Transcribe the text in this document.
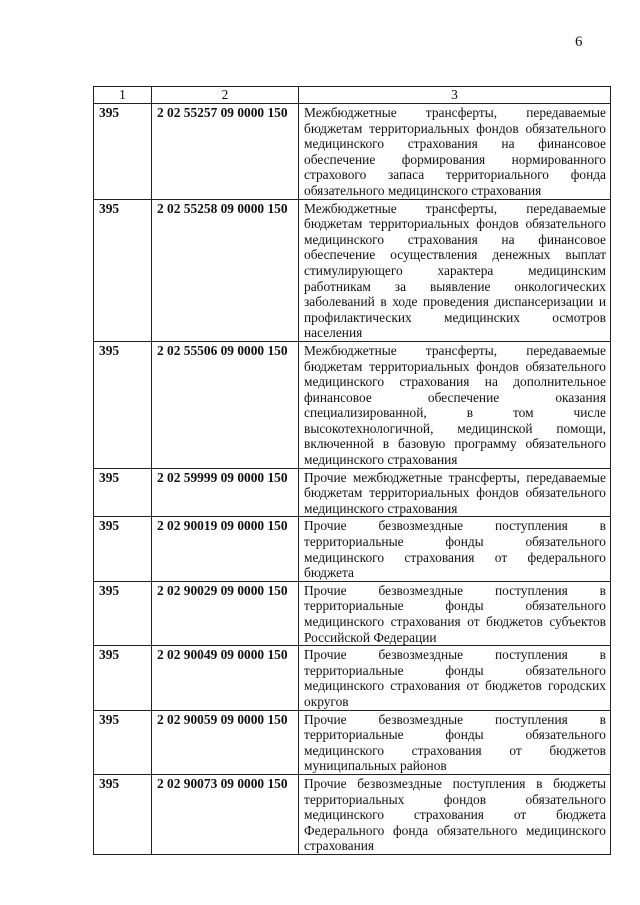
6
1	2	3
395	2 02 55257 09 0000 150	Межбюджетные трансферты, передаваемые бюджетам территориальных фондов обязательного медицинского страхования на финансовое обеспечение формирования нормированного страхового запаса территориального фонда обязательного медицинского страхования
395	2 02 55258 09 0000 150	Межбюджетные трансферты, передаваемые бюджетам территориальных фондов обязательного медицинского страхования на финансовое обеспечение осуществления денежных выплат стимулирующего характера медицинским работникам за выявление онкологических заболеваний в ходе проведения диспансеризации и профилактических медицинских осмотров населения
395	2 02 55506 09 0000 150	Межбюджетные трансферты, передаваемые бюджетам территориальных фондов обязательного медицинского страхования на дополнительное финансовое обеспечение оказания специализированной, в том числе высокотехнологичной, медицинской помощи, включенной в базовую программу обязательного медицинского страхования
395	2 02 59999 09 0000 150	Прочие межбюджетные трансферты, передаваемые бюджетам территориальных фондов обязательного медицинского страхования
395	2 02 90019 09 0000 150	Прочие безвозмездные поступления в территориальные фонды обязательного медицинского страхования от федерального бюджета
395	2 02 90029 09 0000 150	Прочие безвозмездные поступления в территориальные фонды обязательного медицинского страхования от бюджетов субъектов Российской Федерации
395	2 02 90049 09 0000 150	Прочие безвозмездные поступления в территориальные фонды обязательного медицинского страхования от бюджетов городских округов
395	2 02 90059 09 0000 150	Прочие безвозмездные поступления в территориальные фонды обязательного медицинского страхования от бюджетов муниципальных районов
395	2 02 90073 09 0000 150	Прочие безвозмездные поступления в бюджеты территориальных фондов обязательного медицинского страхования от бюджета Федерального фонда обязательного медицинского страхования
